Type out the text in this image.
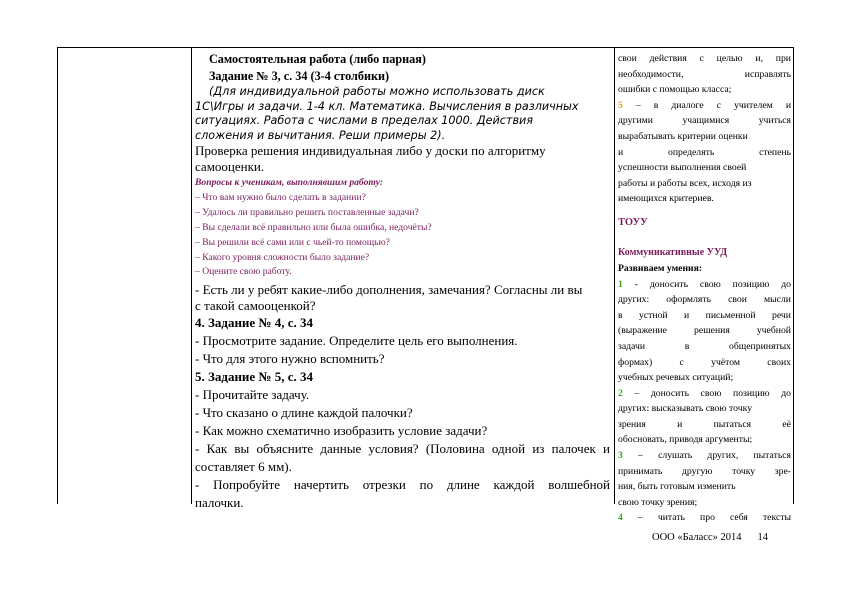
Самостоятельная работа (либо парная)
Задание № 3, с. 34 (3-4 столбики)
(Для индивидуальной работы можно использовать диск
1С\Игры и задачи. 1-4 кл. Математика. Вычисления в различных
ситуациях. Работа с числами в пределах 1000. Действия
сложения и вычитания. Реши примеры 2).
Проверка решения индивидуальная либо у доски по алгоритму
самооценки.
Вопросы к ученикам, выполнявшим работу:
– Что вам нужно было сделать в задании?
– Удалось ли правильно решить поставленные задачи?
– Вы сделали всё правильно или была ошибка, недочёты?
– Вы решили всё сами или с чьей-то помощью?
– Какого уровня сложности было задание?
– Оцените свою работу.
- Есть ли у ребят какие-либо дополнения, замечания? Согласны ли вы
с такой самооценкой?
4. Задание № 4, с. 34
- Просмотрите задание. Определите цель его выполнения.
- Что для этого нужно вспомнить?
5. Задание № 5, с. 34
- Прочитайте задачу.
- Что сказано о длине каждой палочки?
- Как можно схематично изобразить условие задачи?
- Как вы объясните данные условия? (Половина одной из палочек и
составляет 6 мм).
- Попробуйте начертить отрезки по длине каждой волшебной
палочки.
свои действия с целью и, при
необходимости, исправлять
ошибки с помощью класса;
5 – в диалоге с учителем и
другими учащимися учиться
вырабатывать критерии оценки
и определять степень
успешности выполнения своей
работы и работы всех, исходя из
имеющихся критериев.
ТОУУ
Коммуникативные УУД
Развиваем умения:
1 - доносить свою позицию до
других: оформлять свои мысли
в устной и письменной речи
(выражение решения учебной
задачи в общепринятых
формах) с учётом своих
учебных речевых ситуаций;
2 – доносить свою позицию до
других: высказывать свою точку
зрения и пытаться её
обосновать, приводя аргументы;
3 – слушать других, пытаться
принимать другую точку зре-
ния, быть готовым изменить
свою точку зрения;
4 – читать про себя тексты
ООО «Баласс» 2014 14
